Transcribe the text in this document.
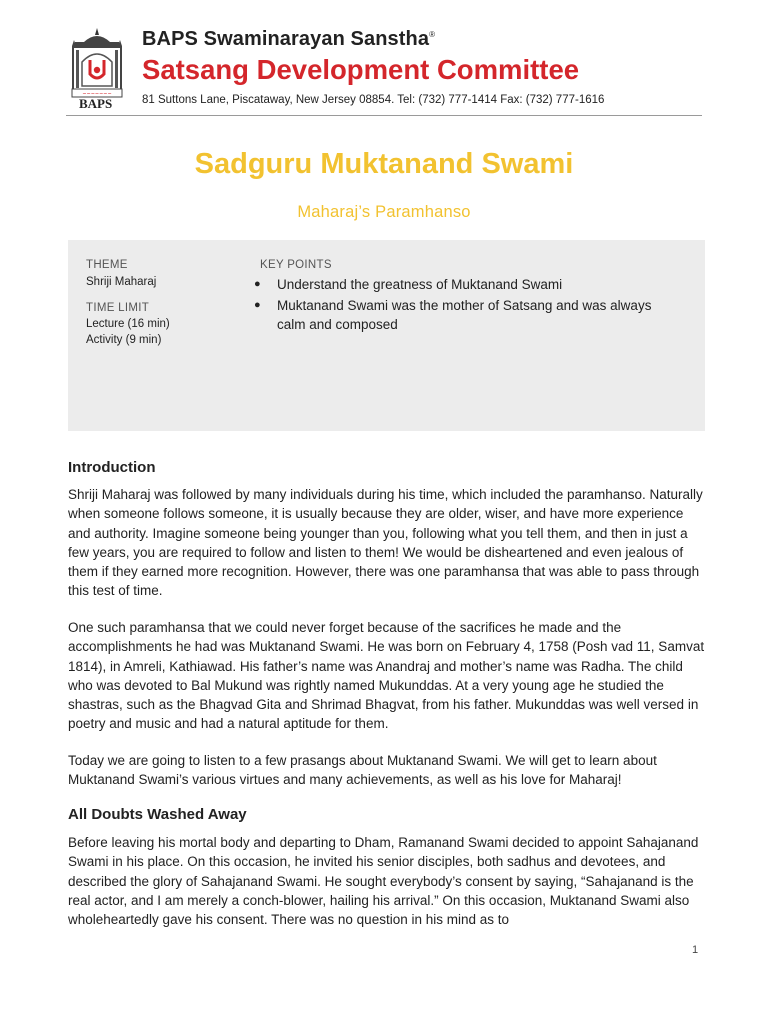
~~~~~~~
BAPS
BAPS Swaminarayan Sanstha®
Satsang Development Committee
81 Suttons Lane, Piscataway, New Jersey 08854. Tel: (732) 777-1414 Fax: (732) 777-1616
Sadguru Muktanand Swami
Maharaj’s Paramhanso
THEME
Shriji Maharaj
TIME LIMIT
Lecture (16 min)
Activity (9 min)
KEY POINTS
● Understand the greatness of Muktanand Swami
● Muktanand Swami was the mother of Satsang and was always calm and composed
Introduction

Shriji Maharaj was followed by many individuals during his time, which included the paramhanso. Naturally when someone follows someone, it is usually because they are older, wiser, and have more experience and authority. Imagine someone being younger than you, following what you tell them, and then in just a few years, you are required to follow and listen to them! We would be disheartened and even jealous of them if they earned more recognition. However, there was one paramhansa that was able to pass through this test of time.

One such paramhansa that we could never forget because of the sacrifices he made and the accomplishments he had was Muktanand Swami. He was born on February 4, 1758 (Posh vad 11, Samvat 1814), in Amreli, Kathiawad. His father’s name was Anandraj and mother’s name was Radha. The child who was devoted to Bal Mukund was rightly named Mukunddas. At a very young age he studied the shastras, such as the Bhagvad Gita and Shrimad Bhagvat, from his father. Mukunddas was well versed in poetry and music and had a natural aptitude for them.

Today we are going to listen to a few prasangs about Muktanand Swami. We will get to learn about Muktanand Swami’s various virtues and many achievements, as well as his love for Maharaj!

All Doubts Washed Away

Before leaving his mortal body and departing to Dham, Ramanand Swami decided to appoint Sahajanand Swami in his place. On this occasion, he invited his senior disciples, both sadhus and devotees, and described the glory of Sahajanand Swami. He sought everybody’s consent by saying, “Sahajanand is the real actor, and I am merely a conch-blower, hailing his arrival.” On this occasion, Muktanand Swami also wholeheartedly gave his consent. There was no question in his mind as to

1
